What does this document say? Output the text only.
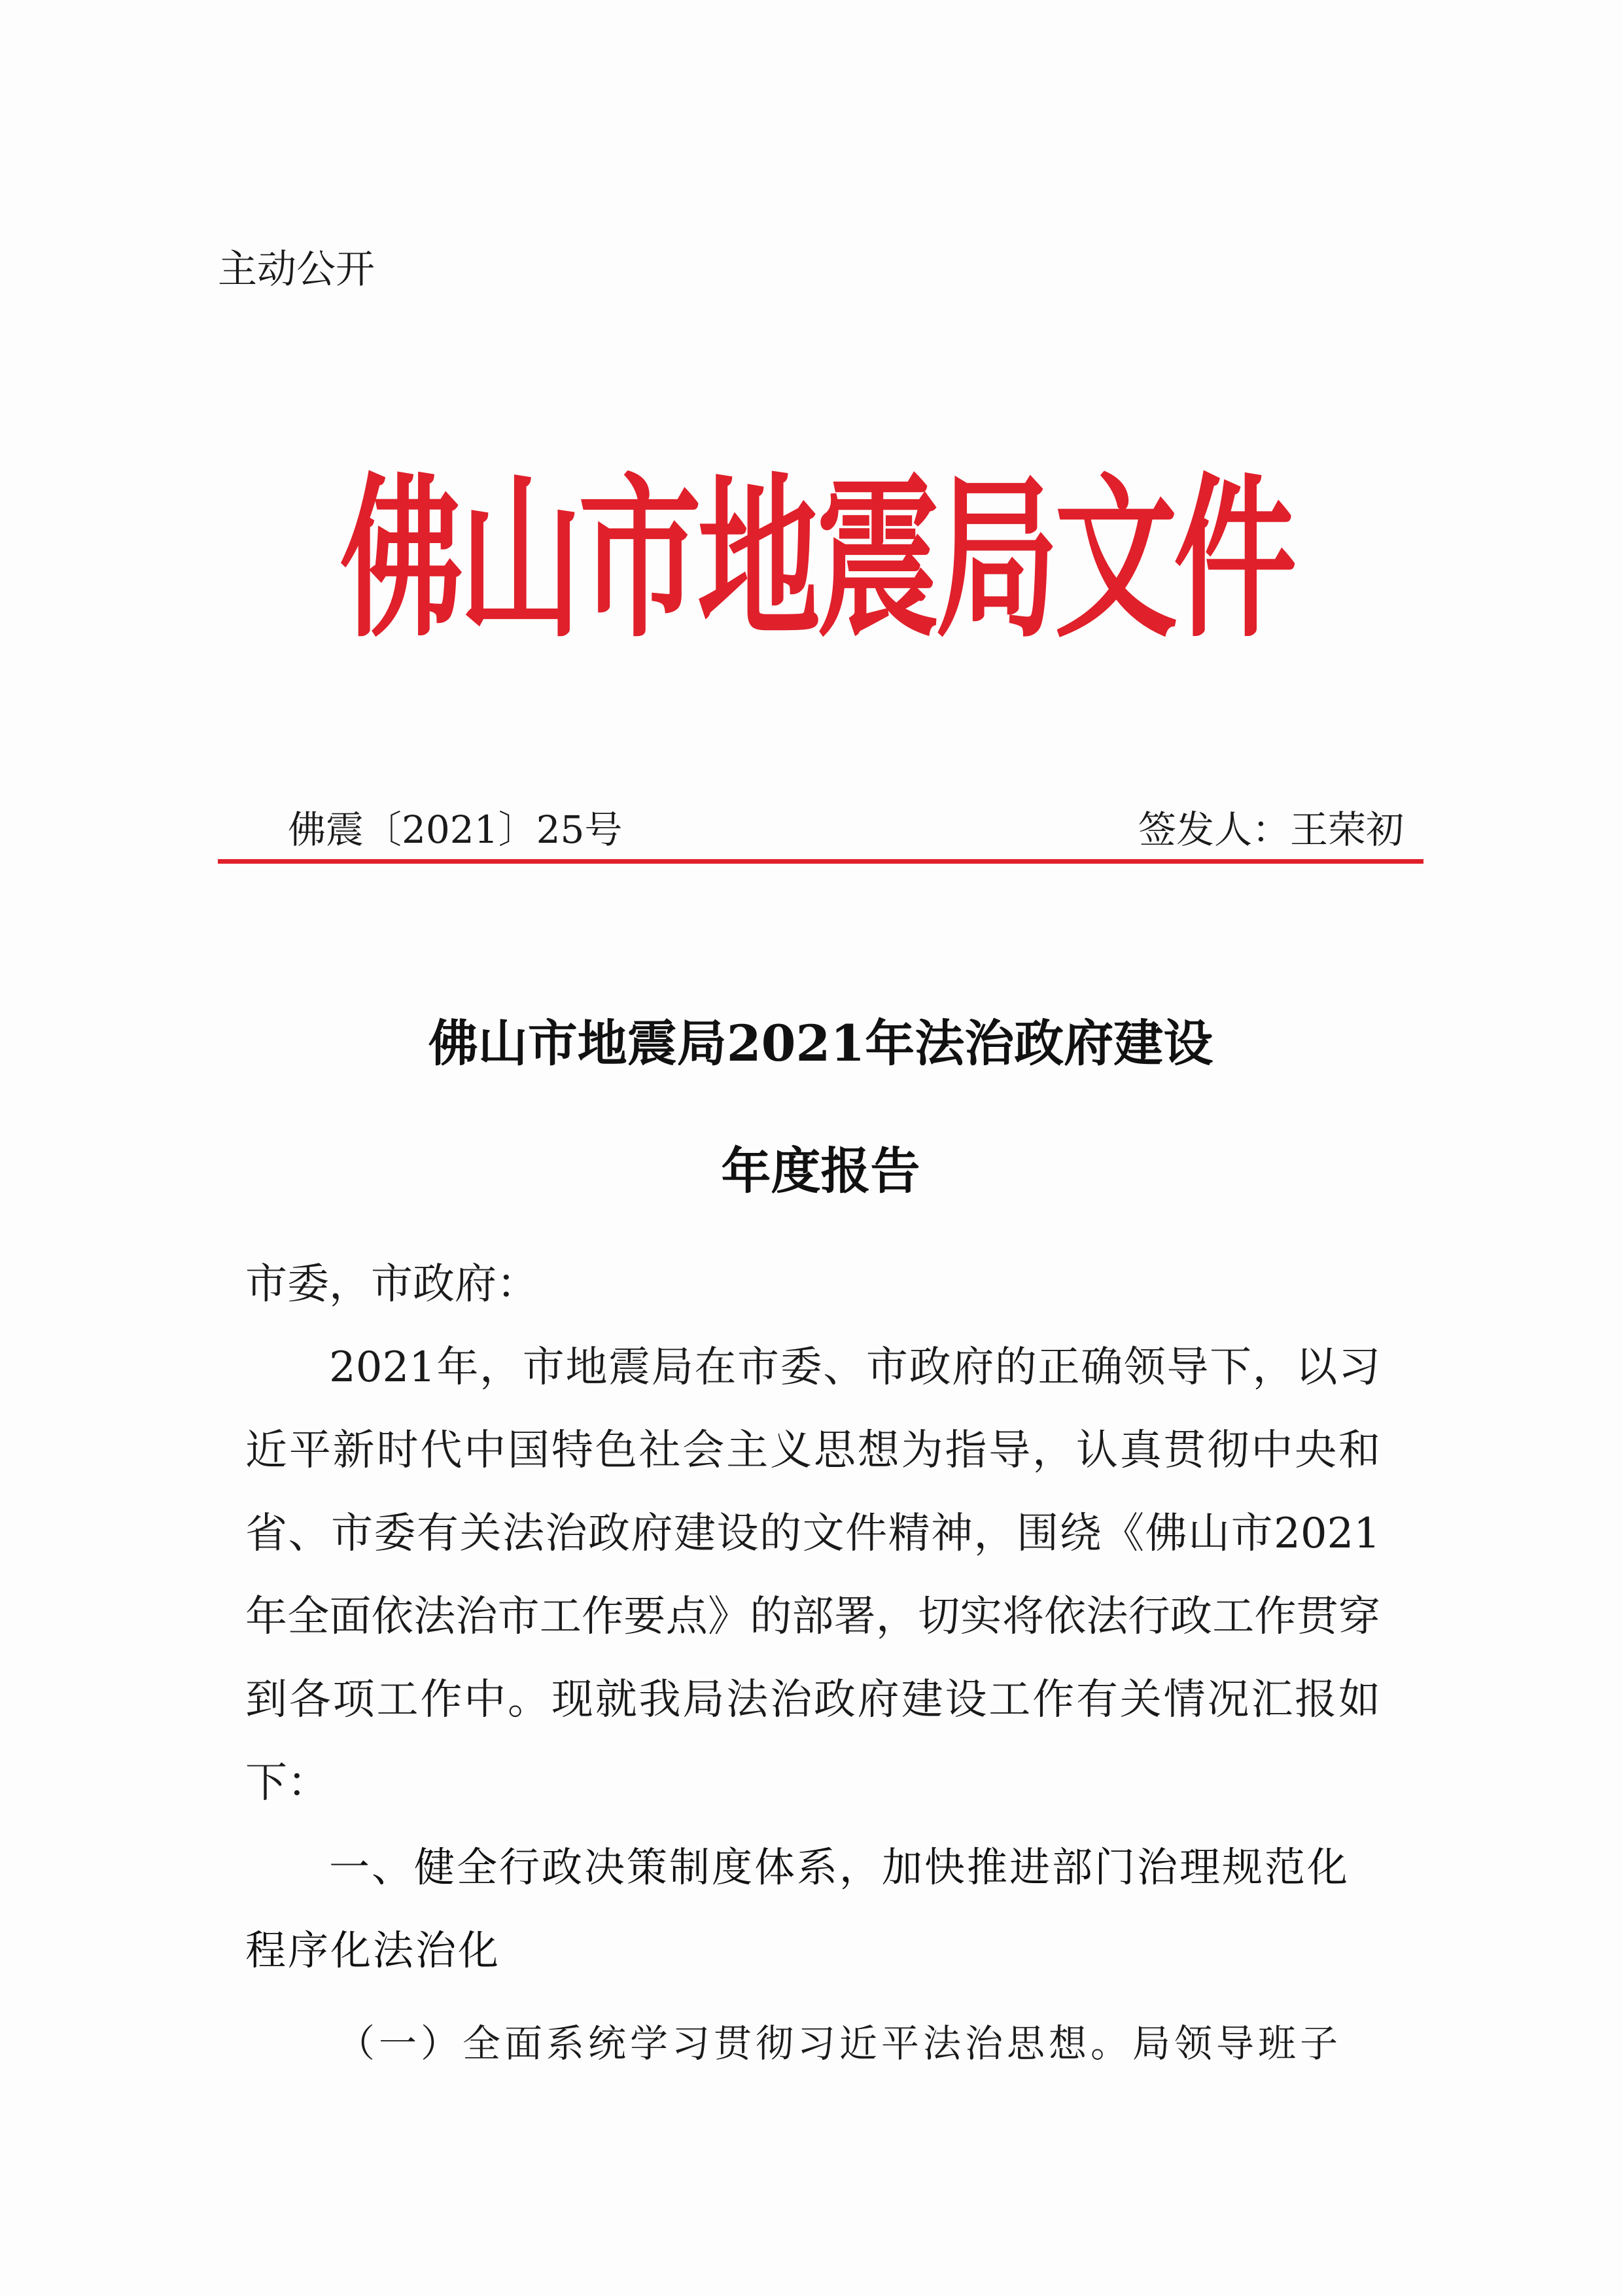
主动公开
佛山市地震局文件
佛震〔2021〕25号	签发人：王荣初
佛山市地震局2021年法治政府建设
年度报告
市委，市政府：
2021年，市地震局在市委、市政府的正确领导下，以习近平新时代中国特色社会主义思想为指导，认真贯彻中央和省、市委有关法治政府建设的文件精神，围绕《佛山市2021年全面依法治市工作要点》的部署，切实将依法行政工作贯穿到各项工作中。现就我局法治政府建设工作有关情况汇报如下：
一、健全行政决策制度体系，加快推进部门治理规范化程序化法治化
（一）全面系统学习贯彻习近平法治思想。局领导班子
